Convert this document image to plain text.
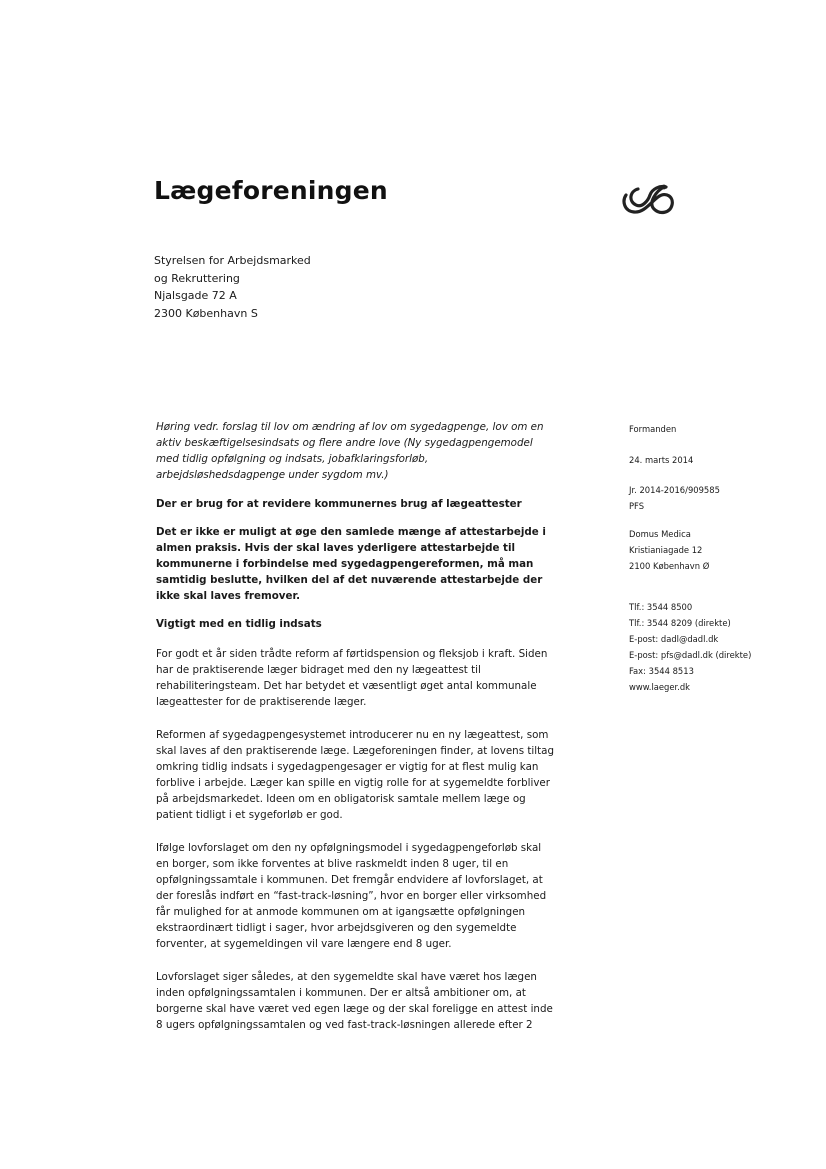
Lægeforeningen
Styrelsen for Arbejdsmarked
og Rekruttering
Njalsgade 72 A
2300 København S
Høring vedr. forslag til lov om ændring af lov om sygedagpenge, lov om en
aktiv beskæftigelsesindsats og flere andre love (Ny sygedagpengemodel
med tidlig opfølgning og indsats, jobafklaringsforløb,
arbejdsløshedsdagpenge under sygdom mv.)
Der er brug for at revidere kommunernes brug af lægeattester
Det er ikke er muligt at øge den samlede mænge af attestarbejde i
almen praksis. Hvis der skal laves yderligere attestarbejde til
kommunerne i forbindelse med sygedagpengereformen, må man
samtidig beslutte, hvilken del af det nuværende attestarbejde der
ikke skal laves fremover.
Vigtigt med en tidlig indsats
For godt et år siden trådte reform af førtidspension og fleksjob i kraft. Siden
har de praktiserende læger bidraget med den ny lægeattest til
rehabiliteringsteam. Det har betydet et væsentligt øget antal kommunale
lægeattester for de praktiserende læger.
Reformen af sygedagpengesystemet introducerer nu en ny lægeattest, som
skal laves af den praktiserende læge. Lægeforeningen finder, at lovens tiltag
omkring tidlig indsats i sygedagpengesager er vigtig for at flest mulig kan
forblive i arbejde. Læger kan spille en vigtig rolle for at sygemeldte forbliver
på arbejdsmarkedet. Ideen om en obligatorisk samtale mellem læge og
patient tidligt i et sygeforløb er god.
Ifølge lovforslaget om den ny opfølgningsmodel i sygedagpengeforløb skal
en borger, som ikke forventes at blive raskmeldt inden 8 uger, til en
opfølgningssamtale i kommunen. Det fremgår endvidere af lovforslaget, at
der foreslås indført en “fast-track-løsning”, hvor en borger eller virksomhed
får mulighed for at anmode kommunen om at igangsætte opfølgningen
ekstraordinært tidligt i sager, hvor arbejdsgiveren og den sygemeldte
forventer, at sygemeldingen vil vare længere end 8 uger.
Lovforslaget siger således, at den sygemeldte skal have været hos lægen
inden opfølgningssamtalen i kommunen. Der er altså ambitioner om, at
borgerne skal have været ved egen læge og der skal foreligge en attest inde
8 ugers opfølgningssamtalen og ved fast-track-løsningen allerede efter 2
Formanden
24. marts 2014
Jr. 2014-2016/909585
PFS
Domus Medica
Kristianiagade 12
2100 København Ø
Tlf.: 3544 8500
Tlf.: 3544 8209 (direkte)
E-post: dadl@dadl.dk
E-post: pfs@dadl.dk (direkte)
Fax: 3544 8513
www.laeger.dk
